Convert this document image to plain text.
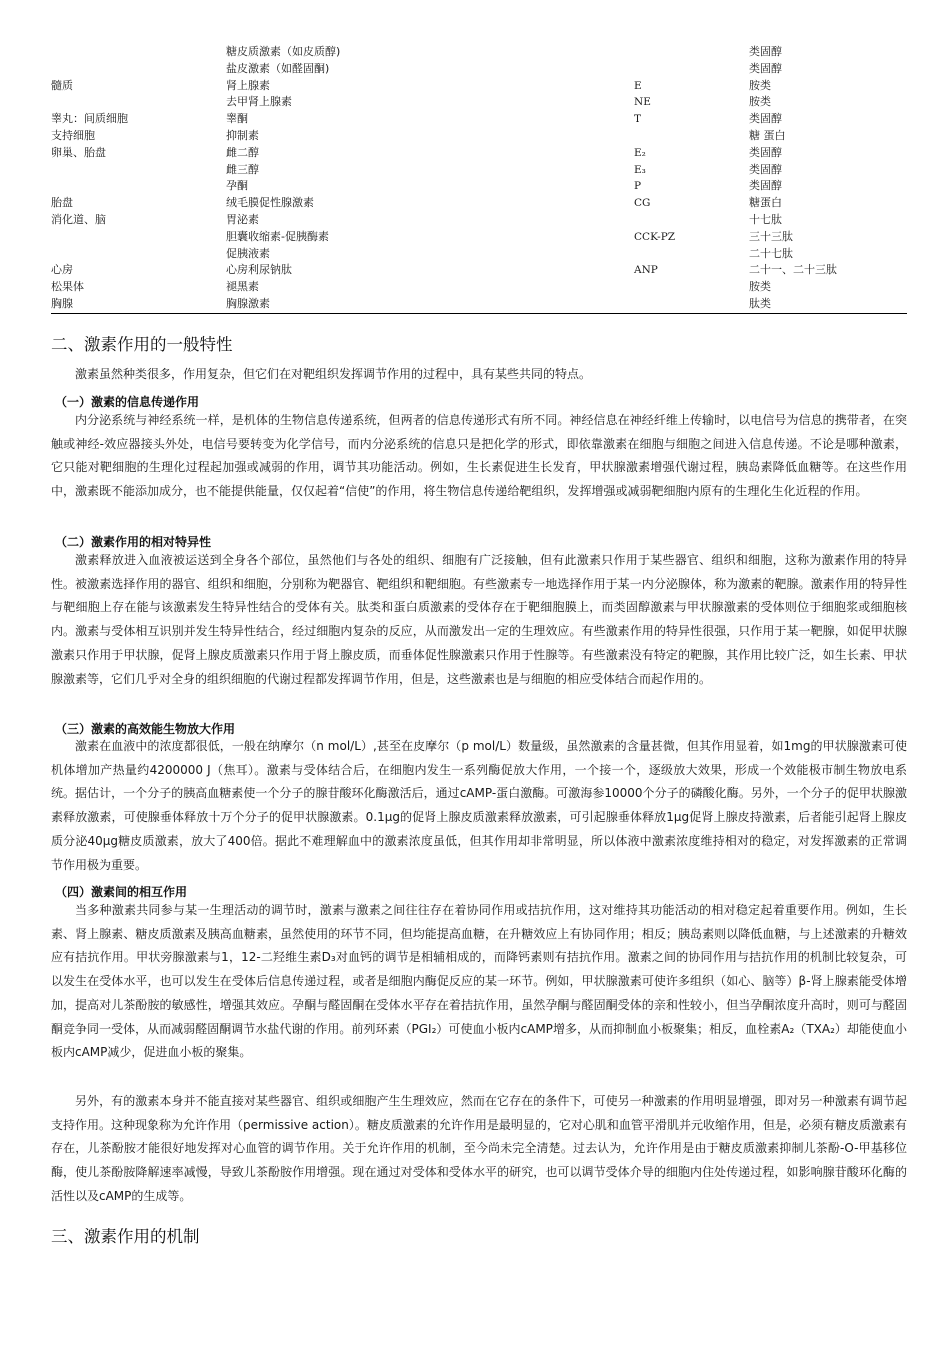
	糖皮质激素（如皮质醇)		类固醇
	盐皮激素（如醛固酮)		类固醇
髓质	肾上腺素	E	胺类
	去甲肾上腺素	NE	胺类
睾丸：间质细胞	睾酮	T	类固醇
支持细胞	抑制素		糖 蛋白
卵巢、胎盘	雌二醇	E₂	类固醇
	雌三醇	E₃	类固醇
	孕酮	P	类固醇
胎盘	绒毛膜促性腺激素	CG	糖蛋白
消化道、脑	胃泌素		十七肽
	胆囊收缩素-促胰酶素	CCK-PZ	三十三肽
	促胰液素		二十七肽
心房	心房利尿钠肽	ANP	二十一、二十三肽
松果体	褪黑素		胺类
胸腺	胸腺激素		肽类
二、激素作用的一般特性

激素虽然种类很多，作用复杂，但它们在对靶组织发挥调节作用的过程中，具有某些共同的特点。

（一）激素的信息传递作用

内分泌系统与神经系统一样，是机体的生物信息传递系统，但两者的信息传递形式有所不同。神经信息在神经纤维上传输时，以电信号为信息的携带者，在突触或神经-效应器接头外处，电信号要转变为化学信号，而内分泌系统的信息只是把化学的形式，即依靠激素在细胞与细胞之间进入信息传递。不论是哪种激素，它只能对靶细胞的生理化过程起加强或减弱的作用，调节其功能活动。例如，生长素促进生长发育，甲状腺激素增强代谢过程，胰岛素降低血糖等。在这些作用中，激素既不能添加成分，也不能提供能量，仅仅起着“信使”的作用，将生物信息传递给靶组织，发挥增强或减弱靶细胞内原有的生理化生化近程的作用。

（二）激素作用的相对特异性

激素释放进入血液被运送到全身各个部位，虽然他们与各处的组织、细胞有广泛接触，但有此激素只作用于某些器官、组织和细胞，这称为激素作用的特异性。被激素选择作用的器官、组织和细胞，分别称为靶器官、靶组织和靶细胞。有些激素专一地选择作用于某一内分泌腺体，称为激素的靶腺。激素作用的特异性与靶细胞上存在能与该激素发生特异性结合的受体有关。肽类和蛋白质激素的受体存在于靶细胞膜上，而类固醇激素与甲状腺激素的受体则位于细胞浆或细胞核内。激素与受体相互识别并发生特异性结合，经过细胞内复杂的反应，从而激发出一定的生理效应。有些激素作用的特异性很强，只作用于某一靶腺，如促甲状腺激素只作用于甲状腺，促肾上腺皮质激素只作用于肾上腺皮质，而垂体促性腺激素只作用于性腺等。有些激素没有特定的靶腺，其作用比较广泛，如生长素、甲状腺激素等，它们几乎对全身的组织细胞的代谢过程都发挥调节作用，但是，这些激素也是与细胞的相应受体结合而起作用的。

（三）激素的高效能生物放大作用

激素在血液中的浓度都很低，一般在纳摩尔（n mol/L）,甚至在皮摩尔（p mol/L）数量级，虽然激素的含量甚微，但其作用显着，如1mg的甲状腺激素可使机体增加产热量约4200000 J（焦耳）。激素与受体结合后，在细胞内发生一系列酶促放大作用，一个接一个，逐级放大效果，形成一个效能极市制生物放电系统。据估计，一个分子的胰高血糖素使一个分子的腺苷酸环化酶激活后，通过cAMP-蛋白激酶。可激海参10000个分子的磷酸化酶。另外，一个分子的促甲状腺激素释放激素，可使腺垂体释放十万个分子的促甲状腺激素。0.1μg的促肾上腺皮质激素释放激素，可引起腺垂体释放1μg促肾上腺皮持激素，后者能引起肾上腺皮质分泌40μg糖皮质激素，放大了400倍。据此不难理解血中的激素浓度虽低，但其作用却非常明显，所以体液中激素浓度维持相对的稳定，对发挥激素的正常调节作用极为重要。

（四）激素间的相互作用

当多种激素共同参与某一生理活动的调节时，激素与激素之间往往存在着协同作用或拮抗作用，这对维持其功能活动的相对稳定起着重要作用。例如，生长素、肾上腺素、糖皮质激素及胰高血糖素，虽然使用的环节不同，但均能提高血糖，在升糖效应上有协同作用；相反；胰岛素则以降低血糖，与上述激素的升糖效应有拮抗作用。甲状旁腺激素与1，12-二羟维生素D₃对血钙的调节是相辅相成的，而降钙素则有拮抗作用。激素之间的协同作用与拮抗作用的机制比较复杂，可以发生在受体水平，也可以发生在受体后信息传递过程，或者是细胞内酶促反应的某一环节。例如，甲状腺激素可使许多组织（如心、脑等）β-肾上腺素能受体增加，提高对儿茶酚胺的敏感性，增强其效应。孕酮与醛固酮在受体水平存在着拮抗作用，虽然孕酮与醛固酮受体的亲和性较小，但当孕酮浓度升高时，则可与醛固酮竞争同一受体，从而减弱醛固酮调节水盐代谢的作用。前列环素（PGI₂）可使血小板内cAMP增多，从而抑制血小板聚集；相反，血栓素A₂（TXA₂）却能使血小板内cAMP减少，促进血小板的聚集。

另外，有的激素本身并不能直接对某些器官、组织或细胞产生生理效应，然而在它存在的条件下，可使另一种激素的作用明显增强，即对另一种激素有调节起支持作用。这种现象称为允许作用（permissive action）。糖皮质激素的允许作用是最明显的，它对心肌和血管平滑肌并元收缩作用，但是，必须有糖皮质激素有存在，儿茶酚胺才能很好地发挥对心血管的调节作用。关于允许作用的机制，至今尚未完全清楚。过去认为，允许作用是由于糖皮质激素抑制儿茶酚-O-甲基移位酶，使儿茶酚胺降解速率减慢，导致儿茶酚胺作用增强。现在通过对受体和受体水平的研究，也可以调节受体介导的细胞内住处传递过程，如影响腺苷酸环化酶的活性以及cAMP的生成等。

三、激素作用的机制
